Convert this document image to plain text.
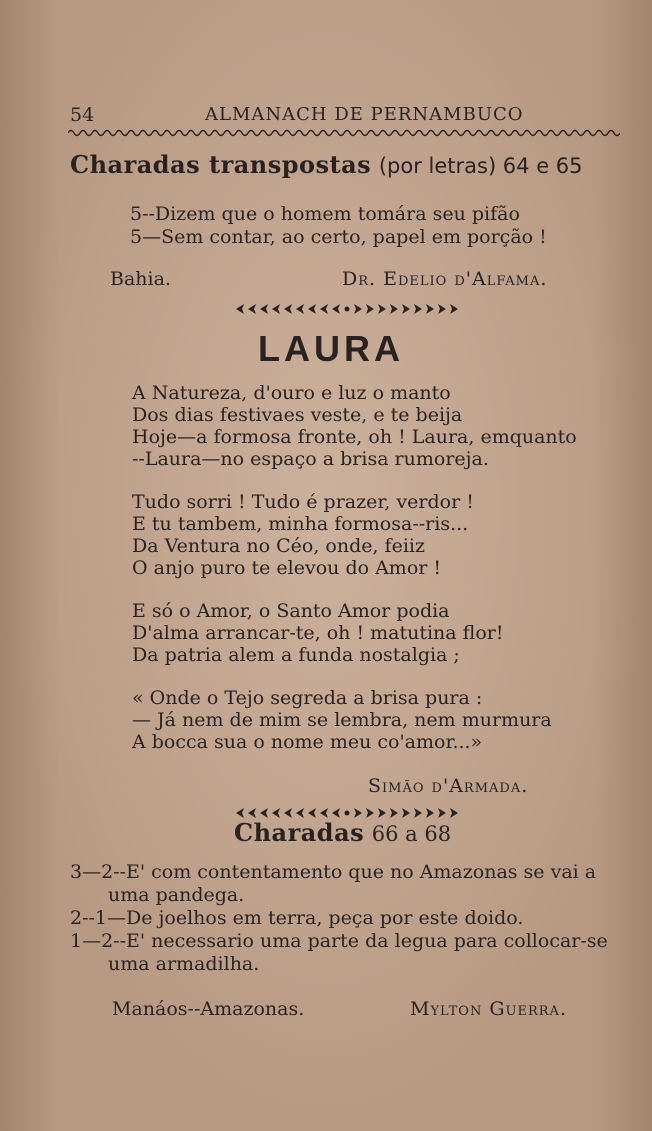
54	ALMANACH DE PERNAMBUCO
Charadas transpostas (por letras) 64 e 65
5--Dizem que o homem tomára seu pifão
5—Sem contar, ao certo, papel em porção !
Bahia.	Dr. Edelio d'Alfama.
LAURA
A Natureza, d'ouro e luz o manto
Dos dias festivaes veste, e te beija
Hoje—a formosa fronte, oh ! Laura, emquanto
--Laura—no espaço a brisa rumoreja.
Tudo sorri ! Tudo é prazer, verdor !
E tu tambem, minha formosa--ris...
Da Ventura no Céo, onde, feiiz
O anjo puro te elevou do Amor !
E só o Amor, o Santo Amor podia
D'alma arrancar-te, oh ! matutina flor!
Da patria alem a funda nostalgia ;
« Onde o Tejo segreda a brisa pura :
— Já nem de mim se lembra, nem murmura
A bocca sua o nome meu co'amor...»
Simão d'Armada.
Charadas 66 a 68
3—2--E' com contentamento que no Amazonas se vai a
uma pandega.
2--1—De joelhos em terra, peça por este doido.
1—2--E' necessario uma parte da legua para collocar-se
uma armadilha.
Manáos--Amazonas.	Mylton Guerra.
